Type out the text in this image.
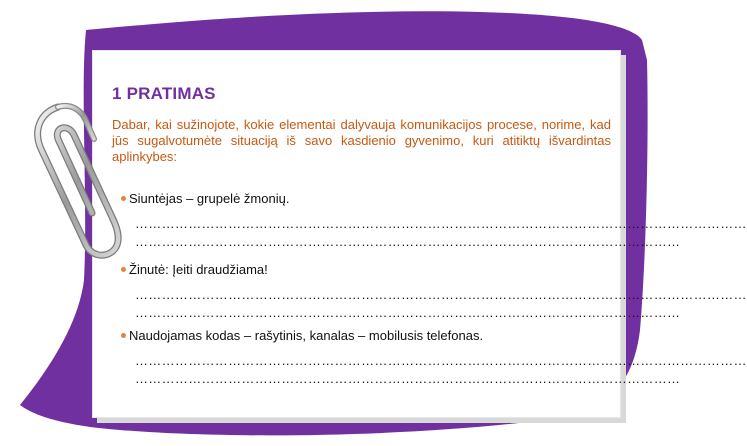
1 PRATIMAS
Dabar, kai sužinojote, kokie elementai dalyvauja komunikacijos procese, norime, kad jūs sugalvotumėte situaciją iš savo kasdienio gyvenimo, kuri atitiktų išvardintas aplinkybes:
Siuntėjas – grupelė žmonių.
…………………………………………………………………………………………………………………………
……………………………………………………………………………………………………………
Žinutė: Įeiti draudžiama!
…………………………………………………………………………………………………………………………
……………………………………………………………………………………………………………
Naudojamas kodas – rašytinis, kanalas – mobilusis telefonas.
…………………………………………………………………………………………………………………………
……………………………………………………………………………………………………………
